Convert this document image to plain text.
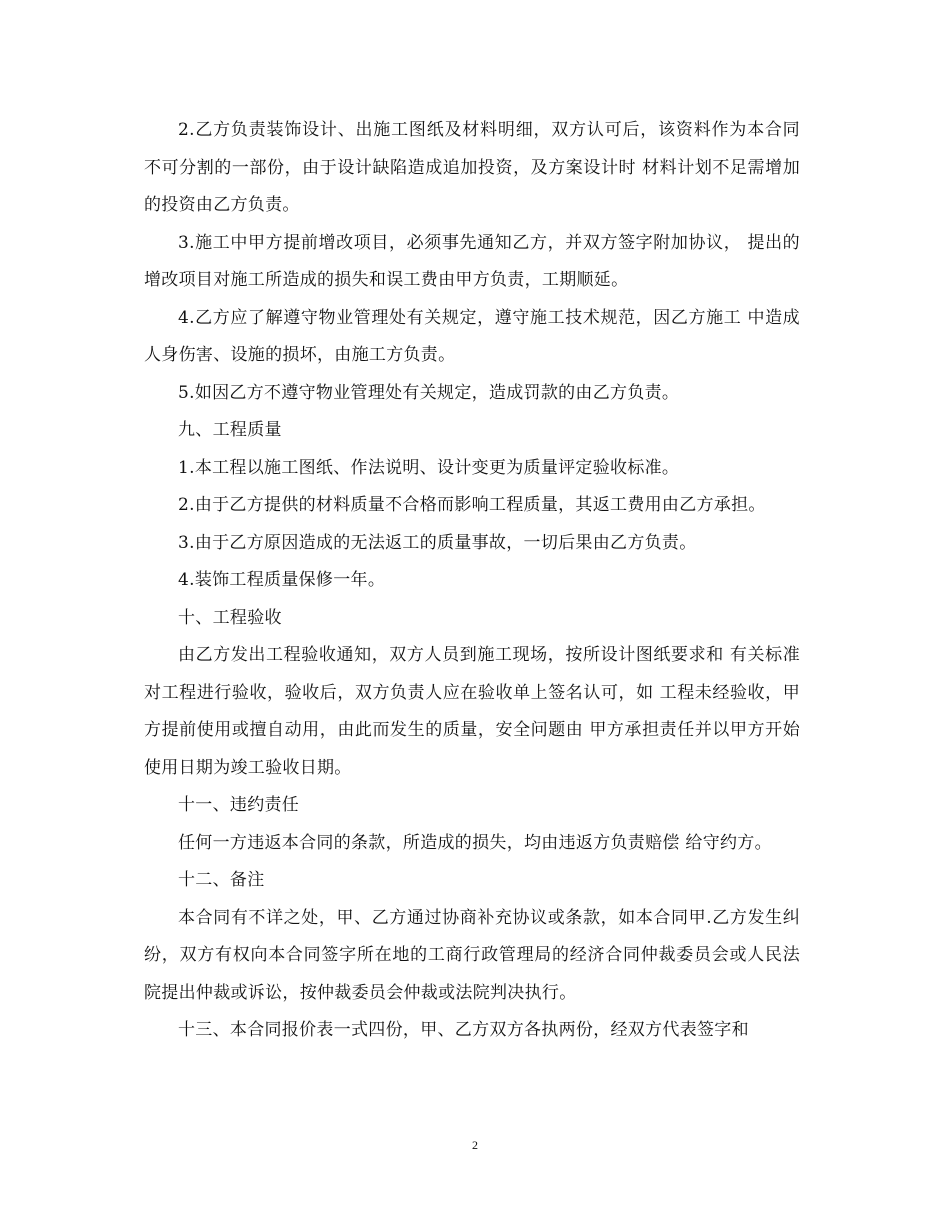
2.乙方负责装饰设计、出施工图纸及材料明细，双方认可后，该资料作为本合同不可分割的一部份，由于设计缺陷造成追加投资，及方案设计时 材料计划不足需增加的投资由乙方负责。

3.施工中甲方提前增改项目，必须事先通知乙方，并双方签字附加协议， 提出的增改项目对施工所造成的损失和误工费由甲方负责，工期顺延。

4.乙方应了解遵守物业管理处有关规定，遵守施工技术规范，因乙方施工 中造成人身伤害、设施的损坏，由施工方负责。

5.如因乙方不遵守物业管理处有关规定，造成罚款的由乙方负责。

九、工程质量

1.本工程以施工图纸、作法说明、设计变更为质量评定验收标准。

2.由于乙方提供的材料质量不合格而影响工程质量，其返工费用由乙方承担。

3.由于乙方原因造成的无法返工的质量事故，一切后果由乙方负责。

4.装饰工程质量保修一年。

十、工程验收

由乙方发出工程验收通知，双方人员到施工现场，按所设计图纸要求和 有关标准对工程进行验收，验收后，双方负责人应在验收单上签名认可，如 工程未经验收，甲方提前使用或擅自动用，由此而发生的质量，安全问题由 甲方承担责任并以甲方开始使用日期为竣工验收日期。

十一、违约责任

任何一方违返本合同的条款，所造成的损失，均由违返方负责赔偿 给守约方。

十二、备注

本合同有不详之处，甲、乙方通过协商补充协议或条款，如本合同甲.乙方发生纠纷，双方有权向本合同签字所在地的工商行政管理局的经济合同仲裁委员会或人民法院提出仲裁或诉讼，按仲裁委员会仲裁或法院判决执行。

十三、本合同报价表一式四份，甲、乙方双方各执两份，经双方代表签字和

2
